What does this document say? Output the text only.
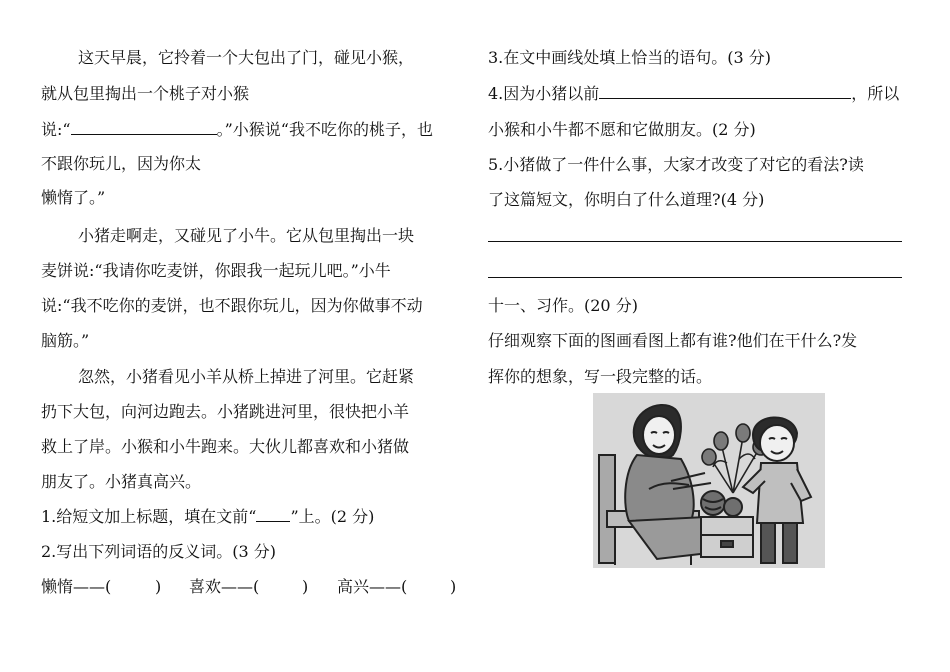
这天早晨，它拎着一个大包出了门，碰见小猴，
就从包里掏出一个桃子对小猴
说:“	。”小猴说“我不吃你的桃子，也
不跟你玩儿，因为你太
懒惰了。”
小猪走啊走，又碰见了小牛。它从包里掏出一块
麦饼说:“我请你吃麦饼，你跟我一起玩儿吧。”小牛
说:“我不吃你的麦饼，也不跟你玩儿，因为你做事不动
脑筋。”
忽然，小猪看见小羊从桥上掉进了河里。它赶紧
扔下大包，向河边跑去。小猪跳进河里，很快把小羊
救上了岸。小猴和小牛跑来。大伙儿都喜欢和小猪做
朋友了。小猪真高兴。
1.给短文加上标题，填在文前“ ”上。(2 分)
2.写出下列词语的反义词。(3 分)
懒惰——(	) 喜欢——(	) 高兴——(	)
3.在文中画线处填上恰当的语句。(3 分)
4.因为小猪以前	，所以
小猴和小牛都不愿和它做朋友。(2 分)
5.小猪做了一件什么事，大家才改变了对它的看法?读
了这篇短文，你明白了什么道理?(4 分)
十一、习作。(20 分)
仔细观察下面的图画看图上都有谁?他们在干什么?发
挥你的想象，写一段完整的话。
